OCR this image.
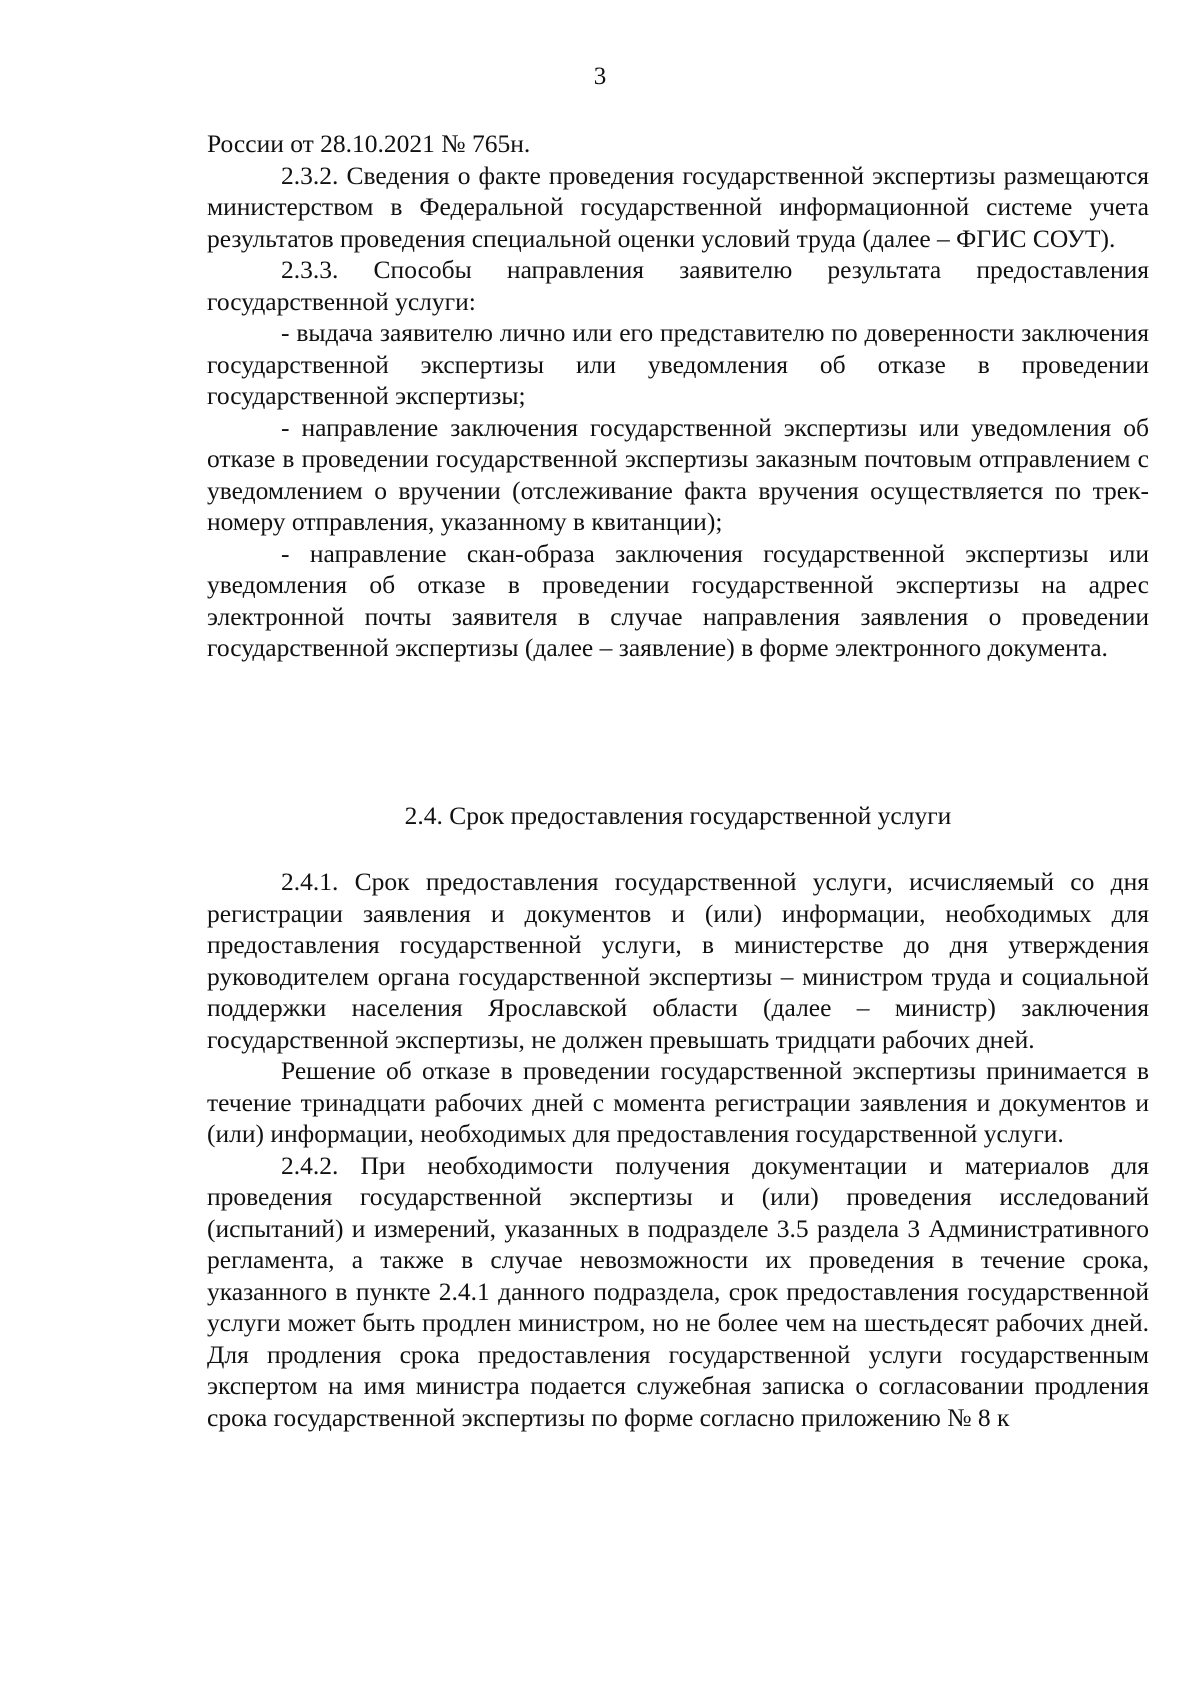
3

России от 28.10.2021 № 765н.

2.3.2. Сведения о факте проведения государственной экспертизы размещаются министерством в Федеральной государственной информационной системе учета результатов проведения специальной оценки условий труда (далее – ФГИС СОУТ).

2.3.3. Способы направления заявителю результата предоставления государственной услуги:

- выдача заявителю лично или его представителю по доверенности заключения государственной экспертизы или уведомления об отказе в проведении государственной экспертизы;

- направление заключения государственной экспертизы или уведомления об отказе в проведении государственной экспертизы заказным почтовым отправлением с уведомлением о вручении (отслеживание факта вручения осуществляется по трек-номеру отправления, указанному в квитанции);

- направление скан-образа заключения государственной экспертизы или уведомления об отказе в проведении государственной экспертизы на адрес электронной почты заявителя в случае направления заявления о проведении государственной экспертизы (далее – заявление) в форме электронного документа.

2.4. Срок предоставления государственной услуги

2.4.1. Срок предоставления государственной услуги, исчисляемый со дня регистрации заявления и документов и (или) информации, необходимых для предоставления государственной услуги, в министерстве до дня утверждения руководителем органа государственной экспертизы – министром труда и социальной поддержки населения Ярославской области (далее – министр) заключения государственной экспертизы, не должен превышать тридцати рабочих дней.

Решение об отказе в проведении государственной экспертизы принимается в течение тринадцати рабочих дней с момента регистрации заявления и документов и (или) информации, необходимых для предоставления государственной услуги.

2.4.2. При необходимости получения документации и материалов для проведения государственной экспертизы и (или) проведения исследований (испытаний) и измерений, указанных в подразделе 3.5 раздела 3 Административного регламента, а также в случае невозможности их проведения в течение срока, указанного в пункте 2.4.1 данного подраздела, срок предоставления государственной услуги может быть продлен министром, но не более чем на шестьдесят рабочих дней. Для продления срока предоставления государственной услуги государственным экспертом на имя министра подается служебная записка о согласовании продления срока государственной экспертизы по форме согласно приложению № 8 к
